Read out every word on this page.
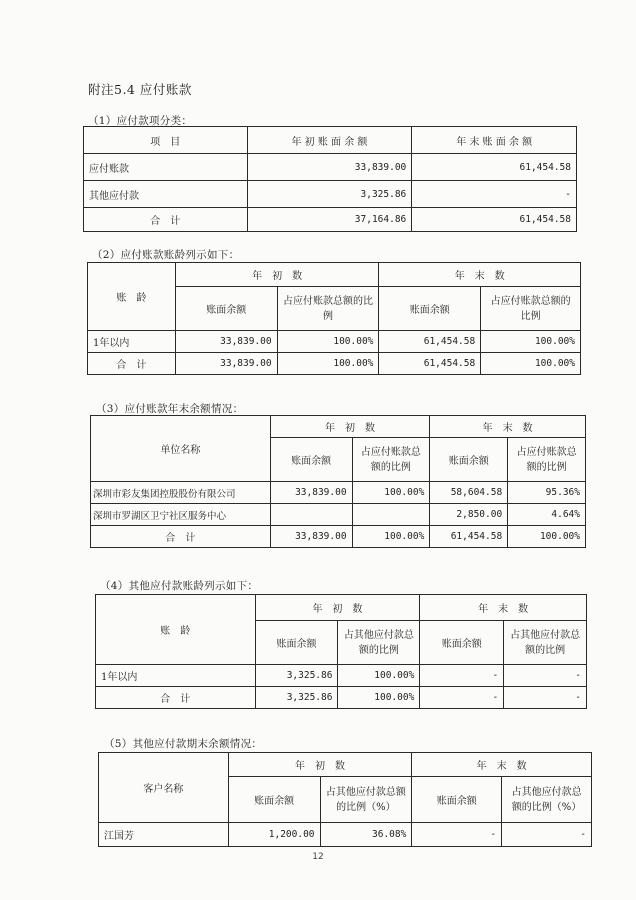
附注5.4 应付账款
（1）应付款项分类：
项　目	年 初 账 面 余 额	年 末 账 面 余 额
应付账款	33,839.00	61,454.58
其他应付款	3,325.86	-
合　计	37,164.86	61,454.58
（2）应付账款账龄列示如下：
账　龄	年　初　数		年　末　数	
	账面余额	占应付账款总额的比例	账面余额	占应付账款总额的比例
1年以内	33,839.00	100.00%	61,454.58	100.00%
合　计	33,839.00	100.00%	61,454.58	100.00%
（3）应付账款年末余额情况：
单位名称	年　初　数		年　末　数	
	账面余额	占应付账款总额的比例	账面余额	占应付账款总额的比例
深圳市彩友集团控股股份有限公司	33,839.00	100.00%	58,604.58	95.36%
深圳市罗湖区卫宁社区服务中心			2,850.00	4.64%
合　计	33,839.00	100.00%	61,454.58	100.00%
（4）其他应付款账龄列示如下：
账　龄	年　初　数		年　末　数	
	账面余额	占其他应付款总额的比例	账面余额	占其他应付款总额的比例
1年以内	3,325.86	100.00%	-	-
合　计	3,325.86	100.00%	-	-
（5）其他应付款期末余额情况：
客户名称	年　初　数		年　末　数	
	账面余额	占其他应付款总额的比例（%）	账面余额	占其他应付款总额的比例（%）
江国芳	1,200.00	36.08%	-	-
12
